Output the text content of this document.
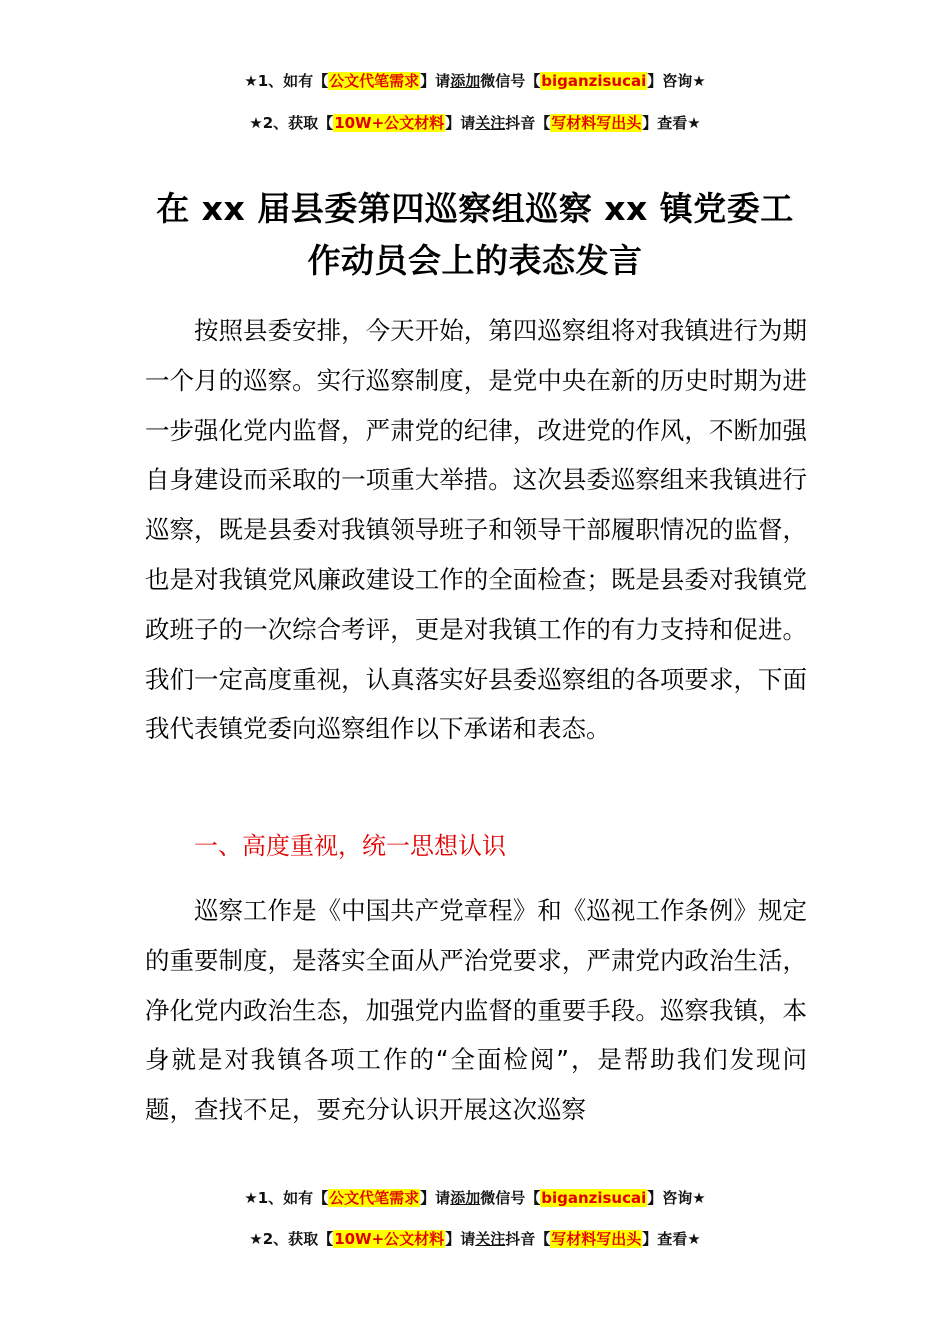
★1、如有【公文代笔需求】请添加微信号【biganzisucai】咨询★
★2、获取【10W+公文材料】请关注抖音【写材料写出头】查看★
在 xx 届县委第四巡察组巡察 xx 镇党委工
作动员会上的表态发言

按照县委安排，今天开始，第四巡察组将对我镇进行为期一个月的巡察。实行巡察制度，是党中央在新的历史时期为进一步强化党内监督，严肃党的纪律，改进党的作风，不断加强自身建设而采取的一项重大举措。这次县委巡察组来我镇进行巡察，既是县委对我镇领导班子和领导干部履职情况的监督，也是对我镇党风廉政建设工作的全面检查；既是县委对我镇党政班子的一次综合考评，更是对我镇工作的有力支持和促进。我们一定高度重视，认真落实好县委巡察组的各项要求，下面我代表镇党委向巡察组作以下承诺和表态。

一、高度重视，统一思想认识

巡察工作是《中国共产党章程》和《巡视工作条例》规定的重要制度，是落实全面从严治党要求，严肃党内政治生活，净化党内政治生态，加强党内监督的重要手段。巡察我镇，本身就是对我镇各项工作的“全面检阅”，是帮助我们发现问题，查找不足，要充分认识开展这次巡察

★1、如有【公文代笔需求】请添加微信号【biganzisucai】咨询★
★2、获取【10W+公文材料】请关注抖音【写材料写出头】查看★
